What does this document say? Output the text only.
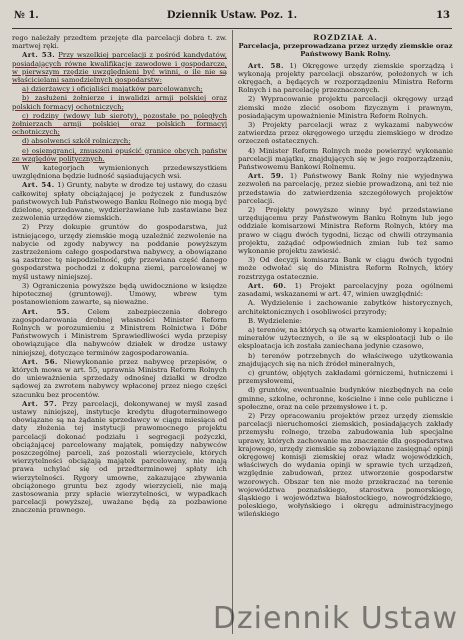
№ 1.	Dziennik Ustaw. Poz. 1.	13

rego należały przedtem przejęte dla parcelacji dobra t. zw. martwej ręki.

Art. 53. Przy wszelkiej parcelacji z pośród kandydatów, posiadających równe kwalifikacje zawodowe i gospodarcze, w pierwszym rzędzie uwzględnieni być winni, o ile nie są właścicielami samodzielnych gospodarstw:

a) dzierżawcy i oficjaliści majątków parcelowanych;

b) zasłużeni żołnierze i inwalidzi armji polskiej oraz polskich formacyj ochotniczych;

c) rodziny (wdowy lub sieroty), pozostałe po poległych żołnierzach armji polskiej oraz polskich formacyj ochotniczych;

d) absolwenci szkół rolniczych;

e) osiemgranci, zmuszeni opuścić granice obcych państw ze względów politycznych.

W kategorjach wymienionych przedewszystkiem uwzględniona będzie ludność sąsiadujących wsi.

Art. 54. 1) Grunty, nabyte w drodze tej ustawy, do czasu całkowitej spłaty obciążającej je pożyczek z funduszów państwowych lub Państwowego Banku Rolnego nie mogą być dzielone, sprzedawane, wydzierżawiane lub zastawiane bez zezwolenia urzędów ziemskich.

2) Przy dokupie gruntów do gospodarstwa, już istniejącego, urzędy ziemskie mogą uzależnić zezwolenie na nabycie od zgody nabywcy na poddanie powyższym zastrzeżeniom całego gospodarstwa nabywcy, a obowiązane są zastrzec tę niepodzielność, gdy przewiana część danego gospodarstwa pochodzi z dokupna ziemi, parcelowanej w myśl ustawy niniejszej.

3) Ograniczenia powyższe będą uwidocznione w księdze hipotecznej (gruntowej). Umowy, wbrew tym postanowieniom zawarte, są nieważne.

Art. 55.	Celem zabezpieczenia dobrego zagospodarowania drobnej własności Minister Reform Rolnych w porozumieniu z Ministrem Rolnictwa i Dóbr Państwowych i Ministrem Sprawiedliwości wyda przepisy obowiązujące dla nabywców działek w drodze ustawy niniejszej, dotyczące terminów zagospodarowania.

Art. 56. Niewykonanie przez nabywcę przepisów, o których mowa w art. 55, uprawnia Ministra Reform Rolnych do unieważnienia sprzedaży odnośnej działki w drodze sądowej za zwrotem nabywcy wpłaconej przez niego części szacunku bez procentów.

Art. 57. Przy parcelacji, dokonywanej w myśl zasad ustawy niniejszej, instytucje kredytu długoterminowego obowiązane są na żądanie sprzedawcy w ciągu miesiąca od daty złożenia tej instytucji prawomocnego projektu parcelacji dokonać podziału i segregacji pożyczki, obciążającej parcelowany majątek, pomiędzy nabywców poszczególnej parceli, zaś pozostali wierzyciele, których wierzytelności obciążają majątek parcelowany, nie mają prawa uchylać się od przedterminowej spłaty ich wierzytelności. Rygory umowne, zakazujące zbywania obciążonego gruntu bez zgody wierzycieli, nie mają zastosowania przy spłacie wierzytelności, w wypadkach parcelacji powyższej, uważane będą za pozbawione znaczenia prawnego.

ROZDZIAŁ A.

Parcelacja, przeprowadzana przez urzędy ziemskie oraz Państwowy Bank Rolny.

Art. 58. 1) Okręgowe urzędy ziemskie sporządzą i wykonają projekty parcelacji obszarów, położonych w ich okręgach, a będących w rozporządzeniu Ministra Reform Rolnych i na parcelację przeznaczonych.

2) Wypracowanie projektu parcelacji okręgowy urząd ziemski może zlecić osobom fizycznym i prawnym, posiadającym upoważnienie Ministra Reform Rolnych.

3) Projekty parcelacji wraz z wykazami nabywców zatwierdza przez okręgowego urzędu ziemskiego w drodze orzeczeń ostatecznych.

4) Minister Reform Rolnych może powierzyć wykonanie parcelacji majątku, znajdujących się w jego rozporządzeniu, Państwowemu Bankowi Rolnemu.

Art. 59. 1) Państwowy Bank Rolny nie wyjednywa zezwoleń na parcelację, przez siebie prowadzoną, ani też nie przedstawia do zatwierdzenia szczegółowych projektów parcelacji.

2) Projekty powyższe winny być przedstawiane urzędującemu przy Państwowym Banku Rolnym lub jego oddziale komisarzowi Ministra Reform Rolnych, który ma prawo w ciągu dwóch tygodni, licząc od chwili otrzymania projektu, zażądać odpowiednich zmian lub też samo wykonanie projektu zawiesić.

3) Od decyzji komisarza Bank w ciągu dwóch tygodni może odwołać się do Ministra Reform Rolnych, który rozstrzyga ostatecznie.

Art. 60. 1) Projekt parcelacyjny poza ogólnemi zasadami, wskazanemi w art. 47, winien uwzględnić:

A. Wydzielenie i zachowanie zabytków historycznych, architektonicznych i osobliwości przyrody;

B. Wydzielenie:

a) terenów, na których są otwarte kamieniołomy i kopalnie minerałów użytecznych, o ile są w eksploatacji lub o ile eksploatacja ich została zaniechana jedynie czasowo,

b) terenów potrzebnych do właściwego użytkowania znajdujących się na nich źródeł mineralnych,

c) gruntów, objętych zakładami górniczemi, hutniczemi i przemysłowemi,

d) gruntów, ewentualnie budynków niezbędnych na cele gminne, szkolne, ochronne, kościelne i inne cele publiczne i społeczne, oraz na cele przemysłowe i t. p.

2) Przy opracowaniu projektów przez urzędy ziemskie parcelacji nieruchomości ziemskich, posiadających zakłady przemysłu rolnego, trzeba zabudowania lub specjalne uprawy, których zachowanie ma znaczenie dla gospodarstwa krajowego, urzędy ziemskie są zobowiązane zasięgnąć opinji okręgowej komisji ziemskiej oraz władz wojewódzkich, właściwych do wydania opinji w sprawie tych urządzeń, względnie zabudowań, przez utworzenie gospodarstw wzorowych. Obszar ten nie może przekraczać na terenie województwa poznańskiego, starostwa pomorskiego, śląskiego i województwa białostockiego, nowogródzkiego, poleskiego, wołyńskiego i okręgu administracyjnego wileńskiego

Dziennik Ustaw
